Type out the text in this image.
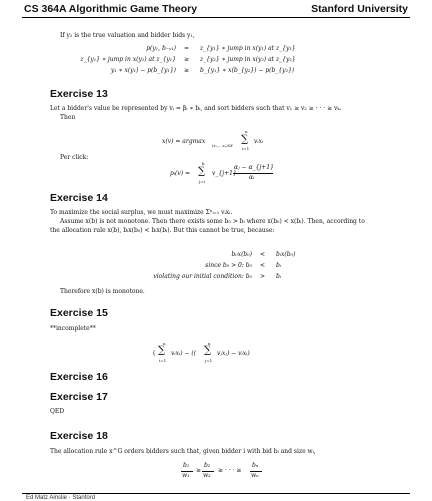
CS 364A Algorithmic Game Theory	Stanford University
If y₂ is the true valuation and bidder bids y₁,
p(y₁, b₋ᵧ₁) = z_{y₁} ∗ jump in x(y₁) at z_{y₁}
z_{y₁} ∗ jump in x(y₁) at z_{y₁} ≥ z_{y₂} ∗ jump in x(y₂) at z_{y₂}
y₁ ∗ x(y₁) − p(b_{y₁}) ≥ b_{y₁} ∗ x(b_{y₂}) − p(b_{y₂})
Exercise 13
Let a bidder's value be represented by vᵢ = βᵢ ∗ bᵢ, and sort bidders such that v₁ ≥ v₂ ≥ · · · ≥ vₖ.
Then
x(v) = argmax
(x₁,...,xₙ)∈X
n
∑
i=1
vᵢxᵢ
Per click:
pᵢ(v) =
k
∑
j=i
v_{j+1}
αⱼ − α_{j+1}
αᵢ
Exercise 14
To maximize the social surplus, we must maximize Σⁿᵢ₌₁ vᵢxᵢ.
Assume x(b) is not monotone. Then there exists some b₀ > bᵢ where x(b₀) < x(bᵢ). Then, according to
the allocation rule x(b), bᵢx(b₀) < bᵢx(bᵢ). But this cannot be true, because:
b₀x(b₀) < bᵢx(b₀)
since b₀ > 0: b₀ < bᵢ
violating our initial condition: b₀ > bᵢ
Therefore x(b) is monotone.
Exercise 15
**incomplete**
(
n
∑
i=1
vᵢxᵢ) − ((
n
∑
j=1
vⱼxⱼ) − vᵢxᵢ)
Exercise 16
Exercise 17
QED
Exercise 18
The allocation rule x^G orders bidders such that, given bidder i with bid bᵢ and size wᵢ,
b₁
w₁
≥
b₂
w₂
≥ · · · ≥
bₙ
wₙ
Ed Matz Ainslie · Stanford
